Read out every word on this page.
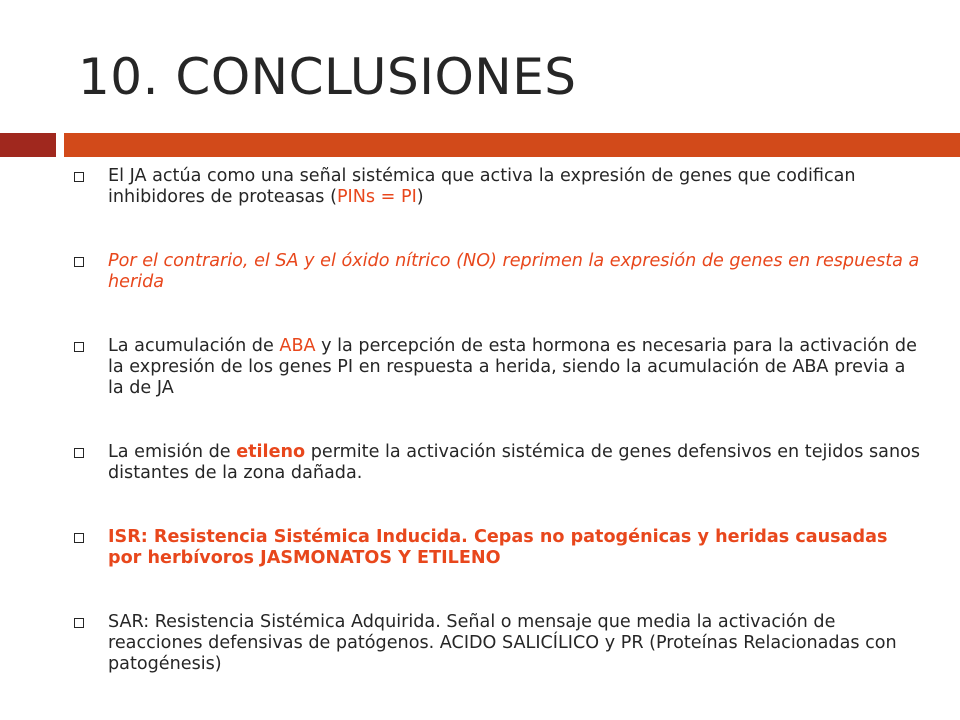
10. CONCLUSIONES
El JA actúa como una señal sistémica que activa la expresión de genes que codifican inhibidores de proteasas (PINs = PI)
Por el contrario, el SA y el óxido nítrico (NO) reprimen la expresión de genes en respuesta a herida
La acumulación de ABA y la percepción de esta hormona es necesaria para la activación de la expresión de los genes PI en respuesta a herida, siendo la acumulación de ABA previa a la de JA
La emisión de etileno permite la activación sistémica de genes defensivos en tejidos sanos distantes de la zona dañada.
ISR: Resistencia Sistémica Inducida. Cepas no patogénicas y heridas causadas por herbívoros JASMONATOS Y ETILENO
SAR: Resistencia Sistémica Adquirida. Señal o mensaje que media la activación de reacciones defensivas de patógenos. ACIDO SALICÍLICO y PR (Proteínas Relacionadas con patogénesis)
